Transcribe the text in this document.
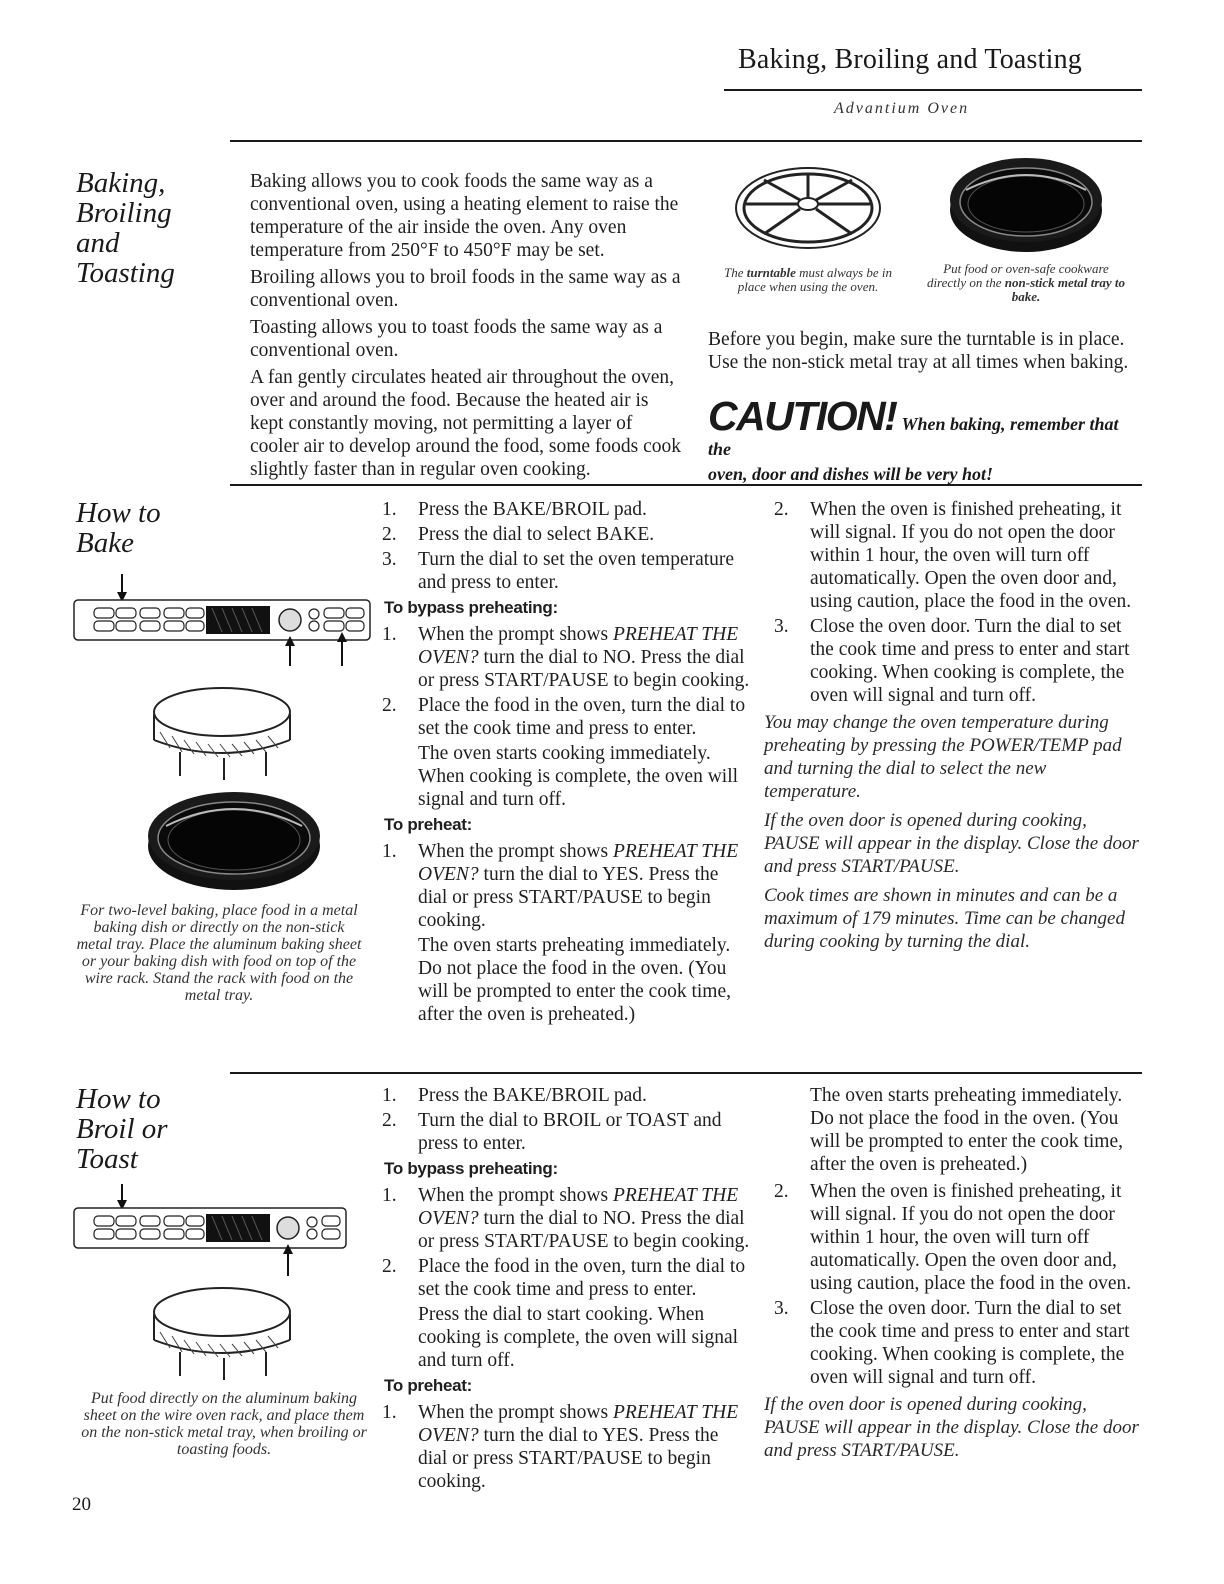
Baking, Broiling and Toasting
Advantium Oven
Baking,
Broiling
and
Toasting

Baking allows you to cook foods the same way as a conventional oven, using a heating element to raise the temperature of the air inside the oven. Any oven temperature from 250°F to 450°F may be set.

Broiling allows you to broil foods in the same way as a conventional oven.

Toasting allows you to toast foods the same way as a conventional oven.

A fan gently circulates heated air throughout the oven, over and around the food. Because the heated air is kept constantly moving, not permitting a layer of cooler air to develop around the food, some foods cook slightly faster than in regular oven cooking.

The turntable must always be in place when using the oven.
Put food or oven-safe cookware directly on the non-stick metal tray to bake.
Before you begin, make sure the turntable is in place. Use the non-stick metal tray at all times when baking.
CAUTION! When baking, remember that the
oven, door and dishes will be very hot!
How to
Bake
For two-level baking, place food in a metal baking dish or directly on the non-stick metal tray. Place the aluminum baking sheet or your baking dish with food on top of the wire rack. Stand the rack with food on the metal tray.
1. Press the BAKE/BROIL pad.
2. Press the dial to select BAKE.
3. Turn the dial to set the oven temperature and press to enter.
To bypass preheating:
1. When the prompt shows PREHEAT THE OVEN? turn the dial to NO. Press the dial or press START/PAUSE to begin cooking.
2. Place the food in the oven, turn the dial to set the cook time and press to enter.

The oven starts cooking immediately. When cooking is complete, the oven will signal and turn off.

To preheat:
1. When the prompt shows PREHEAT THE OVEN? turn the dial to YES. Press the dial or press START/PAUSE to begin cooking.

The oven starts preheating immediately. Do not place the food in the oven. (You will be prompted to enter the cook time, after the oven is preheated.)

2. When the oven is finished preheating, it will signal. If you do not open the door within 1 hour, the oven will turn off automatically. Open the oven door and, using caution, place the food in the oven.
3. Close the oven door. Turn the dial to set the cook time and press to enter and start cooking. When cooking is complete, the oven will signal and turn off.
You may change the oven temperature during preheating by pressing the POWER/TEMP pad and turning the dial to select the new temperature.
If the oven door is opened during cooking, PAUSE will appear in the display. Close the door and press START/PAUSE.
Cook times are shown in minutes and can be a maximum of 179 minutes. Time can be changed during cooking by turning the dial.
How to
Broil or
Toast
Put food directly on the aluminum baking sheet on the wire oven rack, and place them on the non-stick metal tray, when broiling or toasting foods.
1. Press the BAKE/BROIL pad.
2. Turn the dial to BROIL or TOAST and press to enter.
To bypass preheating:
1. When the prompt shows PREHEAT THE OVEN? turn the dial to NO. Press the dial or press START/PAUSE to begin cooking.
2. Place the food in the oven, turn the dial to set the cook time and press to enter.

Press the dial to start cooking. When cooking is complete, the oven will signal and turn off.

To preheat:
1. When the prompt shows PREHEAT THE OVEN? turn the dial to YES. Press the dial or press START/PAUSE to begin cooking.

The oven starts preheating immediately. Do not place the food in the oven. (You will be prompted to enter the cook time, after the oven is preheated.)

2. When the oven is finished preheating, it will signal. If you do not open the door within 1 hour, the oven will turn off automatically. Open the oven door and, using caution, place the food in the oven.
3. Close the oven door. Turn the dial to set the cook time and press to enter and start cooking. When cooking is complete, the oven will signal and turn off.
If the oven door is opened during cooking, PAUSE will appear in the display. Close the door and press START/PAUSE.
20
